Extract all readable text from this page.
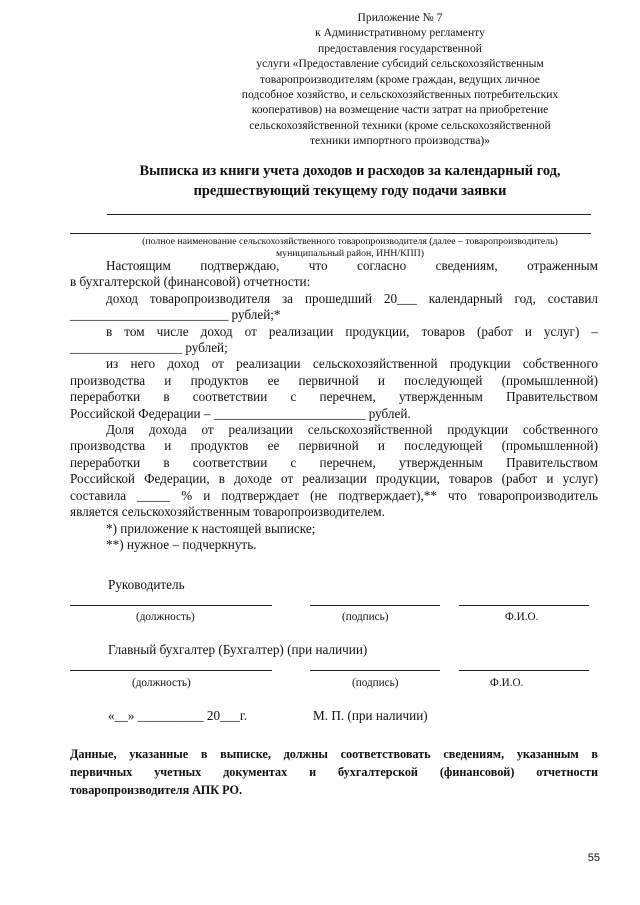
Приложение № 7
к Административному регламенту
предоставления государственной
услуги «Предоставление субсидий сельскохозяйственным
товаропроизводителям (кроме граждан, ведущих личное
подсобное хозяйство, и сельскохозяйственных потребительских
кооперативов) на возмещение части затрат на приобретение
сельскохозяйственной техники (кроме сельскохозяйственной
техники импортного производства)»
Выписка из книги учета доходов и расходов за календарный год,
предшествующий текущему году подачи заявки
(полное наименование сельскохозяйственного товаропроизводителя (далее – товаропроизводитель)
муниципальный район, ИНН/КПП)

Настоящим подтверждаю, что согласно сведениям, отраженным

в бухгалтерской (финансовой) отчетности:

доход товаропроизводителя за прошедший 20___ календарный год, составил

________________________ рублей;*

в том числе доход от реализации продукции, товаров (работ и услуг) –

_________________ рублей;

из него доход от реализации сельскохозяйственной продукции собственного

производства и продуктов ее первичной и последующей (промышленной)

переработки в соответствии с перечнем, утвержденным Правительством

Российской Федерации – _______________________ рублей.

Доля дохода от реализации сельскохозяйственной продукции собственного

производства и продуктов ее первичной и последующей (промышленной)

переработки в соответствии с перечнем, утвержденным Правительством

Российской Федерации, в доходе от реализации продукции, товаров (работ и услуг)

составила _____ % и подтверждает (не подтверждает),** что товаропроизводитель

является сельскохозяйственным товаропроизводителем.

*) приложение к настоящей выписке;

**) нужное – подчеркнуть.

Руководитель
(должность)	(подпись)	Ф.И.О.
Главный бухгалтер (Бухгалтер) (при наличии)
(должность)	(подпись)	Ф.И.О.
«__» __________ 20___г.	М. П. (при наличии)
Данные, указанные в выписке, должны соответствовать сведениям, указанным в
первичных учетных документах и бухгалтерской (финансовой) отчетности
товаропроизводителя АПК РО.
55
